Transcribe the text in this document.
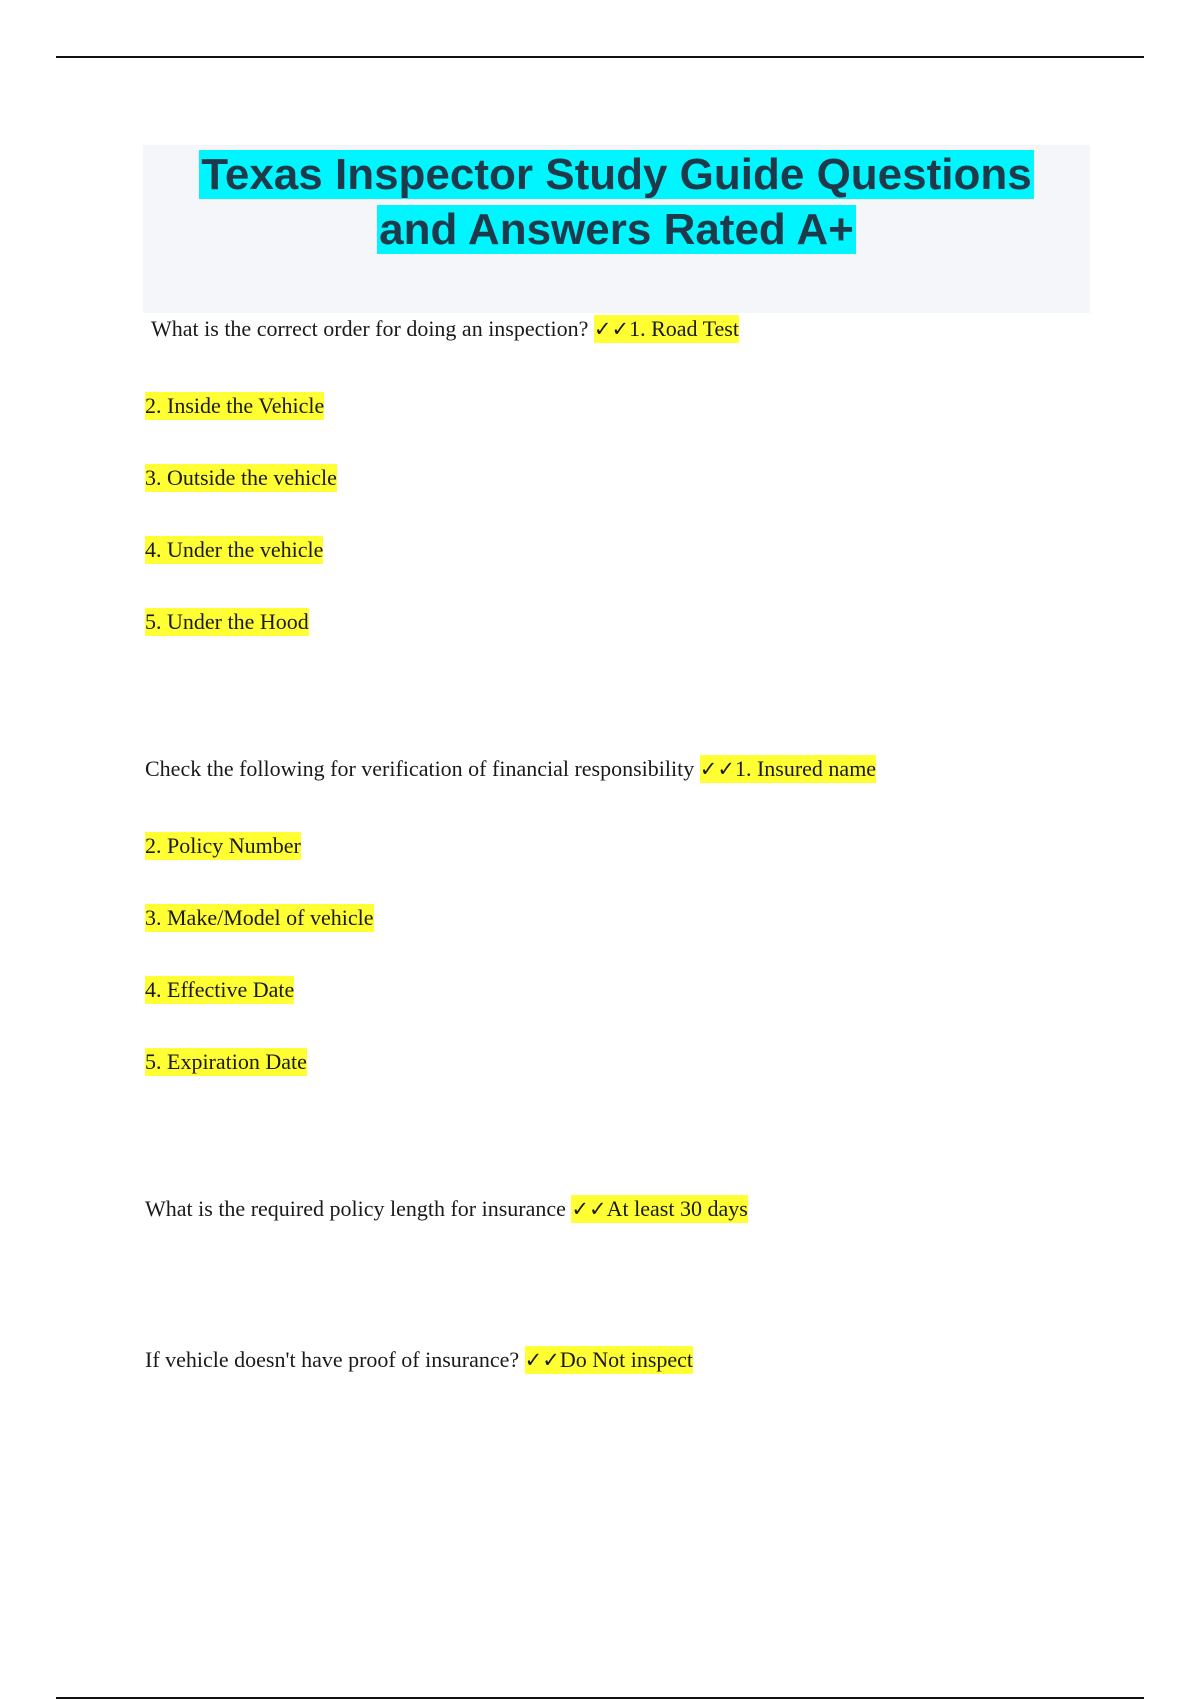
Texas Inspector Study Guide Questions
and Answers Rated A+
What is the correct order for doing an inspection? ✓✓1. Road Test
2. Inside the Vehicle
3. Outside the vehicle
4. Under the vehicle
5. Under the Hood
Check the following for verification of financial responsibility ✓✓1. Insured name
2. Policy Number
3. Make/Model of vehicle
4. Effective Date
5. Expiration Date
What is the required policy length for insurance ✓✓At least 30 days
If vehicle doesn't have proof of insurance? ✓✓Do Not inspect
